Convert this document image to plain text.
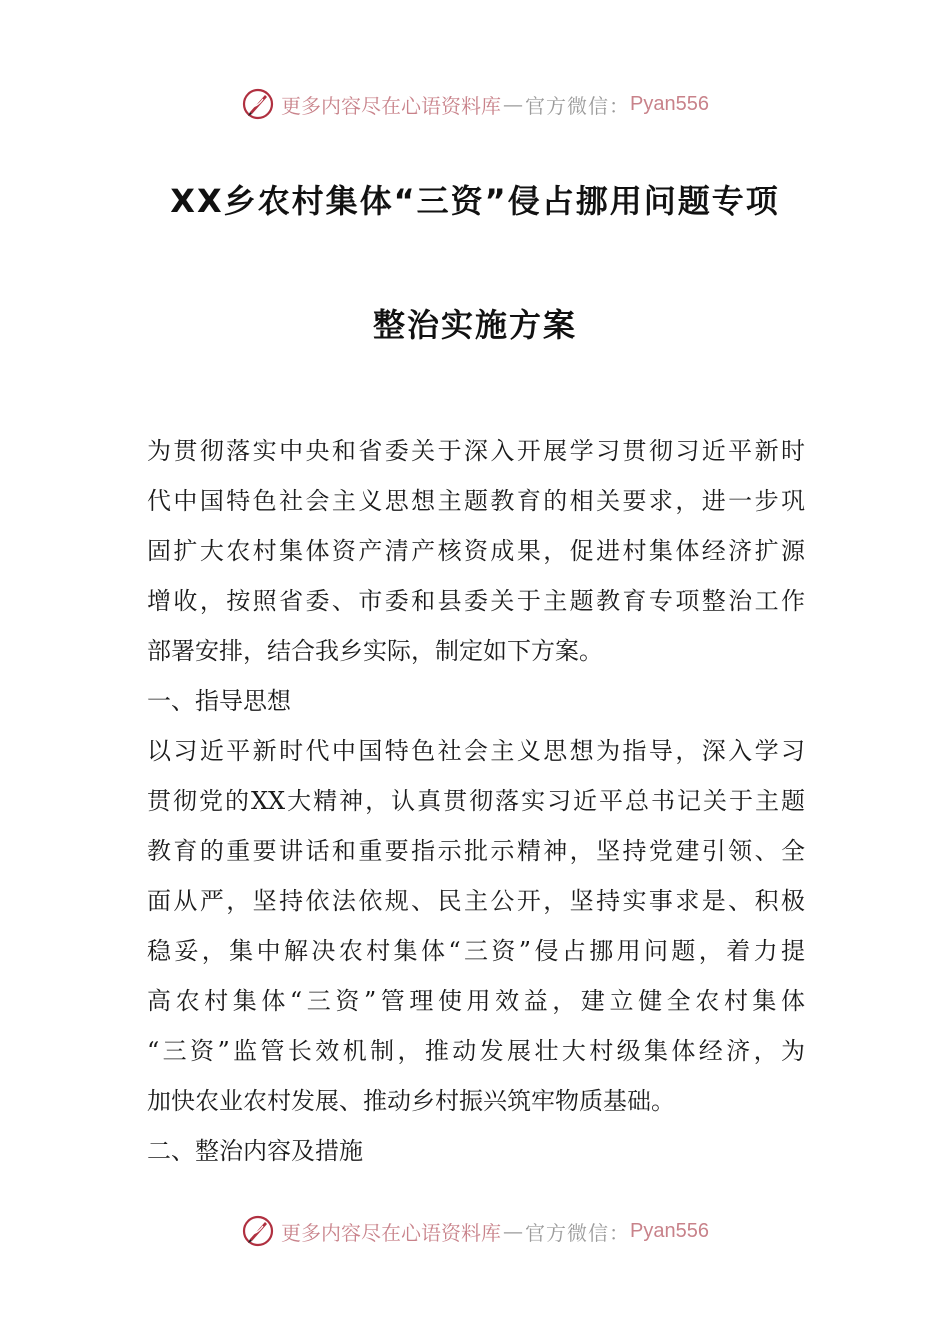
更多内容尽在心语资料库 — 官方微信： Pyan556
XX乡农村集体“三资”侵占挪用问题专项
整治实施方案
为贯彻落实中央和省委关于深入开展学习贯彻习近平新时
代中国特色社会主义思想主题教育的相关要求，进一步巩
固扩大农村集体资产清产核资成果，促进村集体经济扩源
增收，按照省委、市委和县委关于主题教育专项整治工作
部署安排，结合我乡实际，制定如下方案。
一、指导思想
以习近平新时代中国特色社会主义思想为指导，深入学习
贯彻党的XX大精神，认真贯彻落实习近平总书记关于主题
教育的重要讲话和重要指示批示精神，坚持党建引领、全
面从严，坚持依法依规、民主公开，坚持实事求是、积极
稳妥，集中解决农村集体“三资”侵占挪用问题，着力提
高农村集体“三资”管理使用效益，建立健全农村集体
“三资”监管长效机制，推动发展壮大村级集体经济，为
加快农业农村发展、推动乡村振兴筑牢物质基础。
二、整治内容及措施
更多内容尽在心语资料库 — 官方微信： Pyan556
